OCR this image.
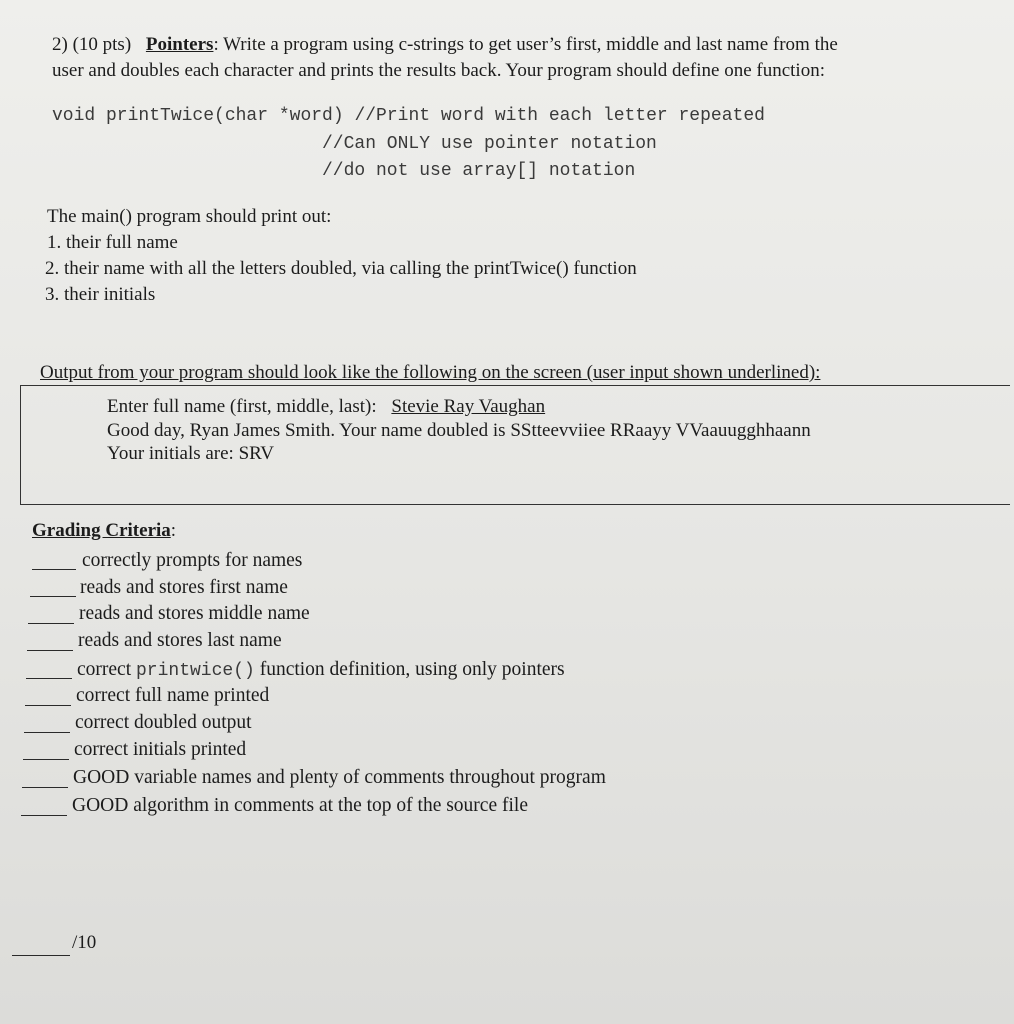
2) (10 pts) Pointers: Write a program using c-strings to get user’s first, middle and last name from the
user and doubles each character and prints the results back. Your program should define one function:
void printTwice(char *word) //Print word with each letter repeated
//Can ONLY use pointer notation
//do not use array[] notation
The main() program should print out:
1. their full name
2. their name with all the letters doubled, via calling the printTwice() function
3. their initials
Output from your program should look like the following on the screen (user input shown underlined):
Enter full name (first, middle, last): Stevie Ray Vaughan
Good day, Ryan James Smith. Your name doubled is SStteevviiee RRaayy VVaauugghhaann
Your initials are: SRV
Grading Criteria:
correctly prompts for names
reads and stores first name
reads and stores middle name
reads and stores last name
correct printwice() function definition, using only pointers
correct full name printed
correct doubled output
correct initials printed
GOOD variable names and plenty of comments throughout program
GOOD algorithm in comments at the top of the source file
/10
